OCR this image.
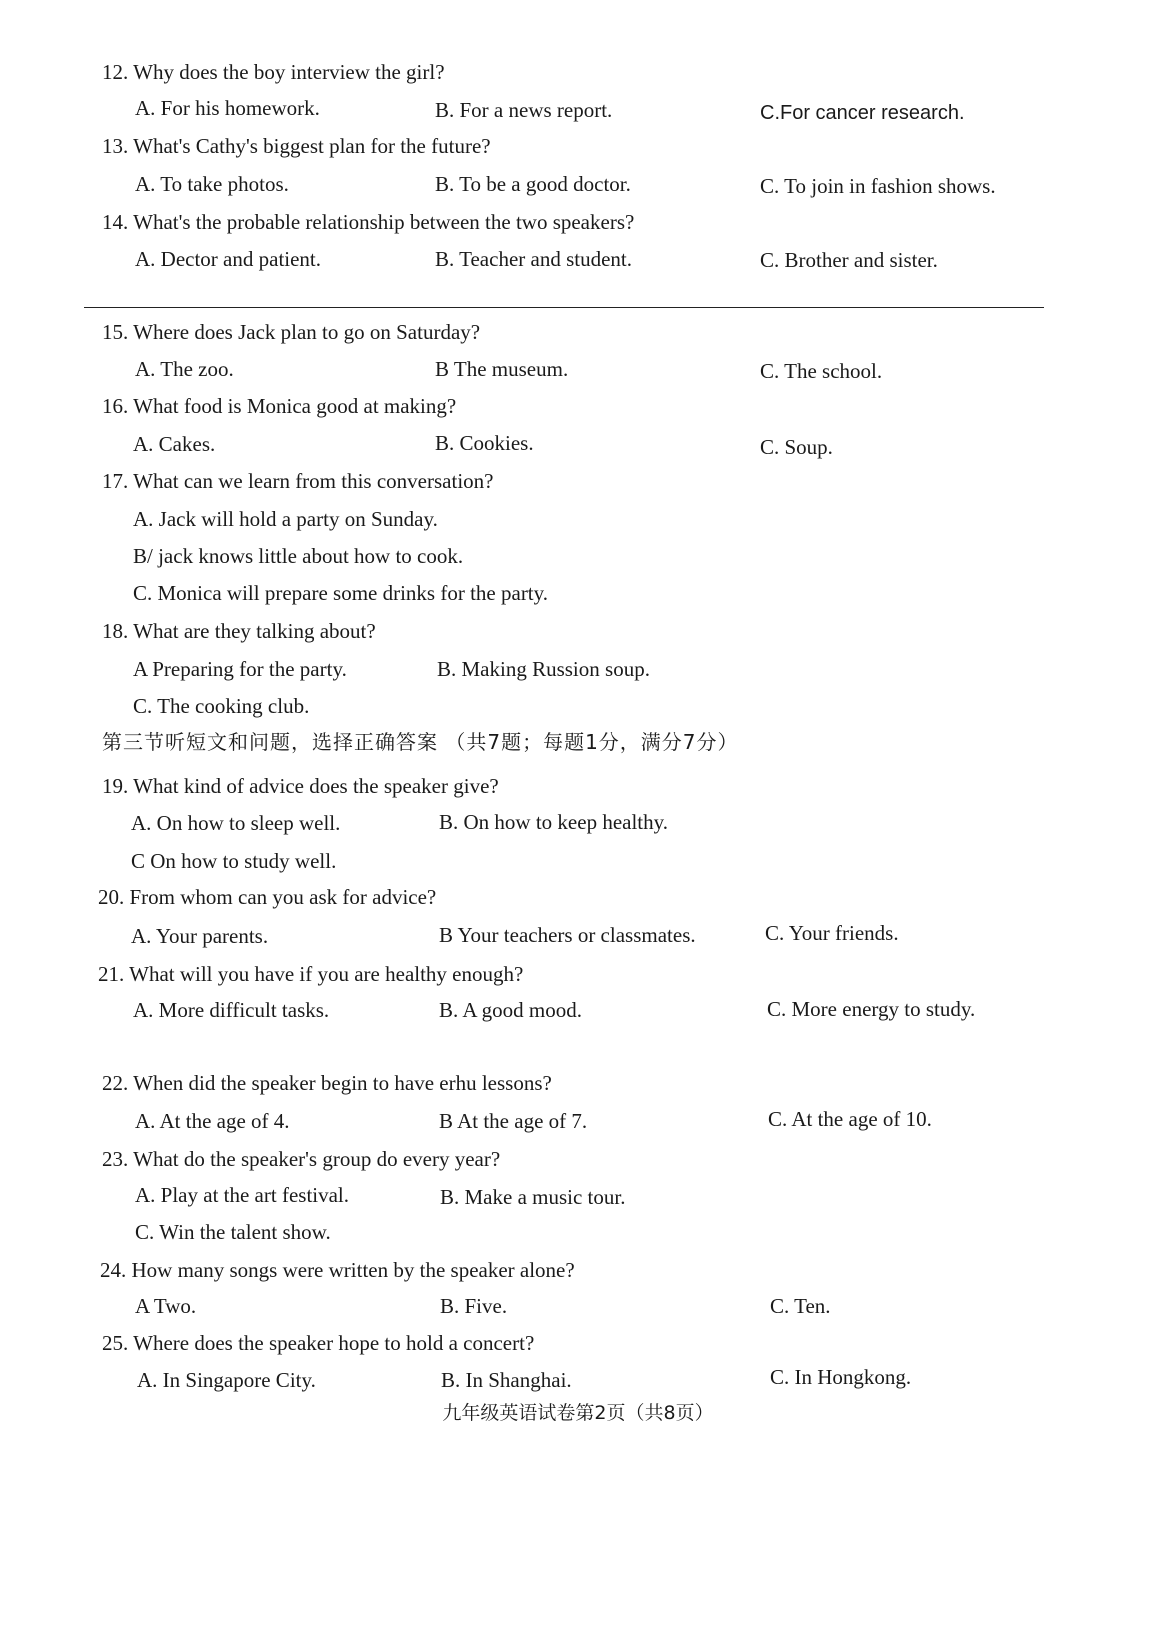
12. Why does the boy interview the girl?
A. For his homework.	B. For a news report.	C.For cancer research.
13. What's Cathy's biggest plan for the future?
A. To take photos.	B. To be a good doctor.	C. To join in fashion shows.
14. What's the probable relationship between the two speakers?
A. Dector and patient.	B. Teacher and student.	C. Brother and sister.
15. Where does Jack plan to go on Saturday?
A. The zoo.	B The museum.	C. The school.
16. What food is Monica good at making?
A. Cakes.	B. Cookies.	C. Soup.
17. What can we learn from this conversation?
A. Jack will hold a party on Sunday.
B/ jack knows little about how to cook.
C. Monica will prepare some drinks for the party.
18. What are they talking about?
A Preparing for the party.	B. Making Russion soup.
C. The cooking club.
第三节听短文和问题，选择正确答案 （共7题；每题1分，满分7分）
19. What kind of advice does the speaker give?
A. On how to sleep well.	B. On how to keep healthy.
C On how to study well.
20. From whom can you ask for advice?
A. Your parents.	B Your teachers or classmates.	C. Your friends.
21. What will you have if you are healthy enough?
A. More difficult tasks.	B. A good mood.	C. More energy to study.
22. When did the speaker begin to have erhu lessons?
A. At the age of 4.	B At the age of 7.	C. At the age of 10.
23. What do the speaker's group do every year?
A. Play at the art festival.	B. Make a music tour.
C. Win the talent show.
24. How many songs were written by the speaker alone?
A Two.	B. Five.	C. Ten.
25. Where does the speaker hope to hold a concert?
A. In Singapore City.	B. In Shanghai.	C. In Hongkong.
九年级英语试卷第2页（共8页）
